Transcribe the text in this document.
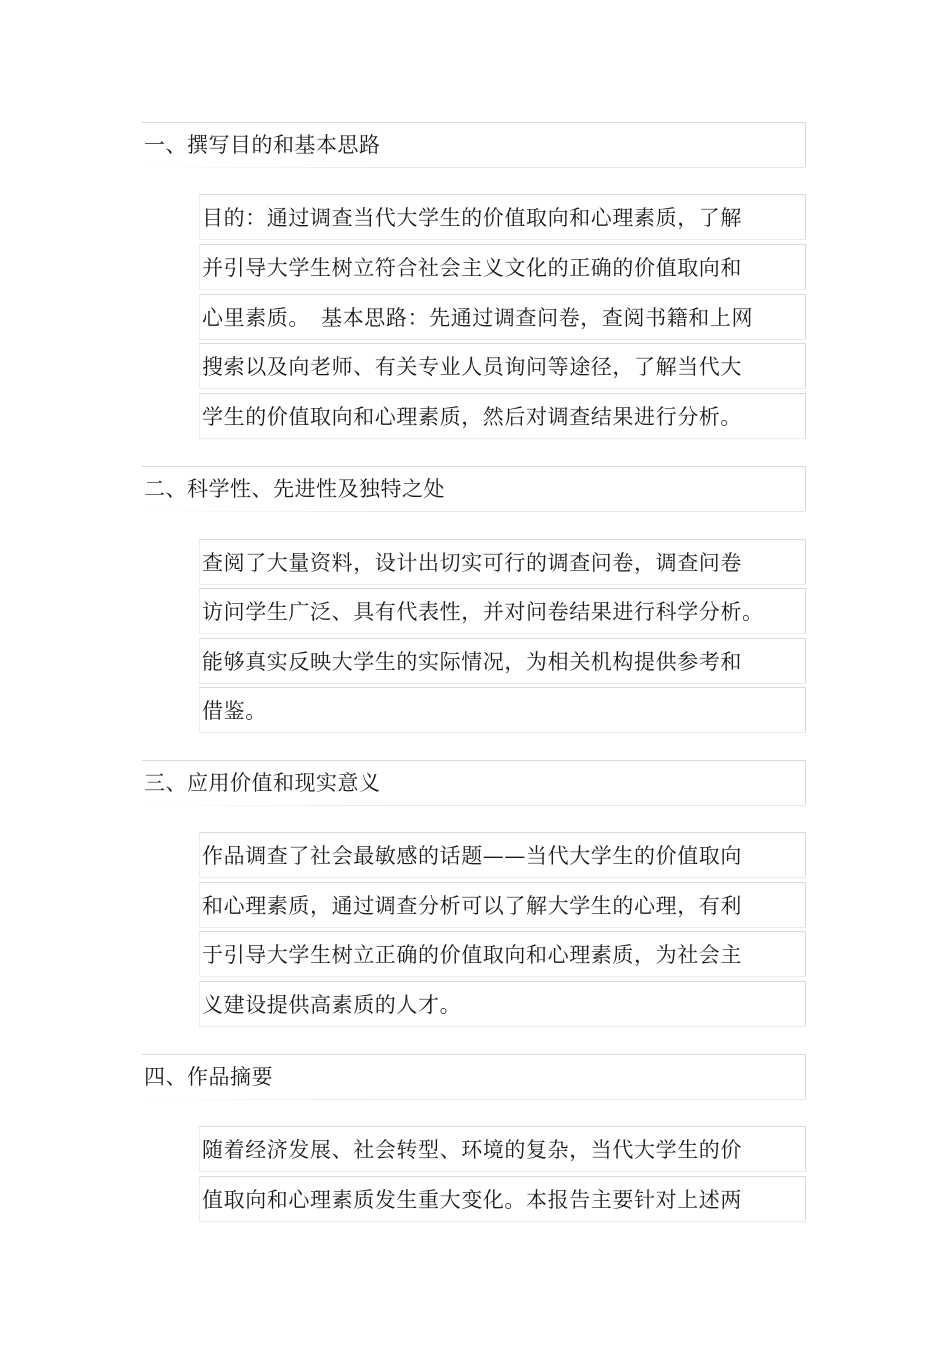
一、撰写目的和基本思路
目的：通过调查当代大学生的价值取向和心理素质，了解
并引导大学生树立符合社会主义文化的正确的价值取向和
心里素质。　基本思路：先通过调查问卷，查阅书籍和上网
搜索以及向老师、有关专业人员询问等途径，了解当代大
学生的价值取向和心理素质，然后对调查结果进行分析。
二、科学性、先进性及独特之处
查阅了大量资料，设计出切实可行的调查问卷，调查问卷
访问学生广泛、具有代表性，并对问卷结果进行科学分析。
能够真实反映大学生的实际情况，为相关机构提供参考和
借鉴。
三、应用价值和现实意义
作品调查了社会最敏感的话题——当代大学生的价值取向
和心理素质，通过调查分析可以了解大学生的心理，有利
于引导大学生树立正确的价值取向和心理素质，为社会主
义建设提供高素质的人才。
四、作品摘要
随着经济发展、社会转型、环境的复杂，当代大学生的价
值取向和心理素质发生重大变化。本报告主要针对上述两
